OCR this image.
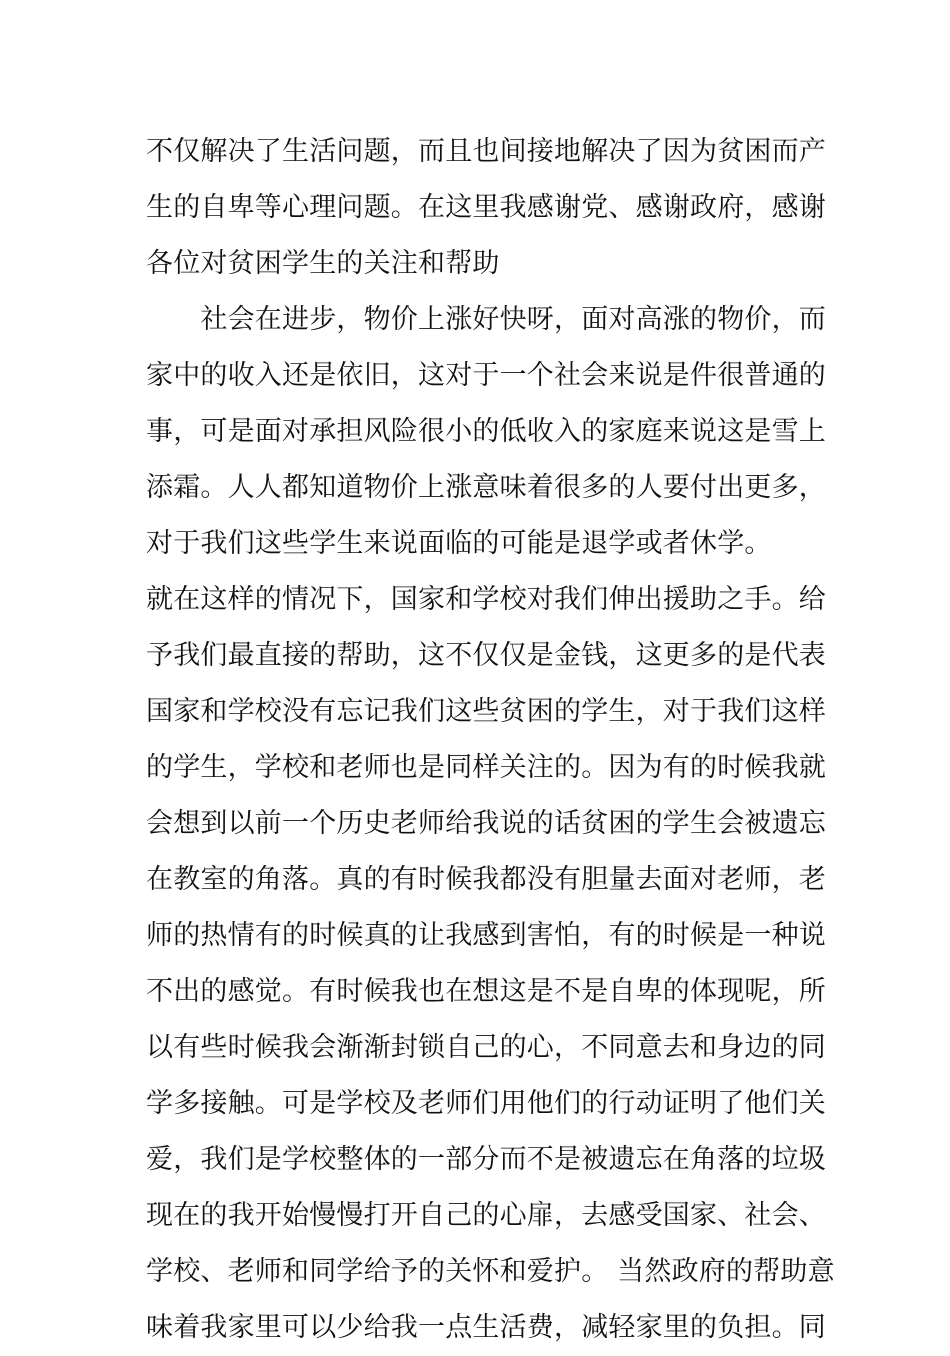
不仅解决了生活问题，而且也间接地解决了因为贫困而产
生的自卑等心理问题。在这里我感谢党、感谢政府，感谢
各位对贫困学生的关注和帮助
　　社会在进步，物价上涨好快呀，面对高涨的物价，而
家中的收入还是依旧，这对于一个社会来说是件很普通的
事，可是面对承担风险很小的低收入的家庭来说这是雪上
添霜。人人都知道物价上涨意味着很多的人要付出更多，
对于我们这些学生来说面临的可能是退学或者休学。
就在这样的情况下，国家和学校对我们伸出援助之手。给
予我们最直接的帮助，这不仅仅是金钱，这更多的是代表
国家和学校没有忘记我们这些贫困的学生，对于我们这样
的学生，学校和老师也是同样关注的。因为有的时候我就
会想到以前一个历史老师给我说的话贫困的学生会被遗忘
在教室的角落。真的有时候我都没有胆量去面对老师，老
师的热情有的时候真的让我感到害怕，有的时候是一种说
不出的感觉。有时候我也在想这是不是自卑的体现呢，所
以有些时候我会渐渐封锁自己的心，不同意去和身边的同
学多接触。可是学校及老师们用他们的行动证明了他们关
爱，我们是学校整体的一部分而不是被遗忘在角落的垃圾
现在的我开始慢慢打开自己的心扉，去感受国家、社会、
学校、老师和同学给予的关怀和爱护。 当然政府的帮助意
味着我家里可以少给我一点生活费，减轻家里的负担。同
